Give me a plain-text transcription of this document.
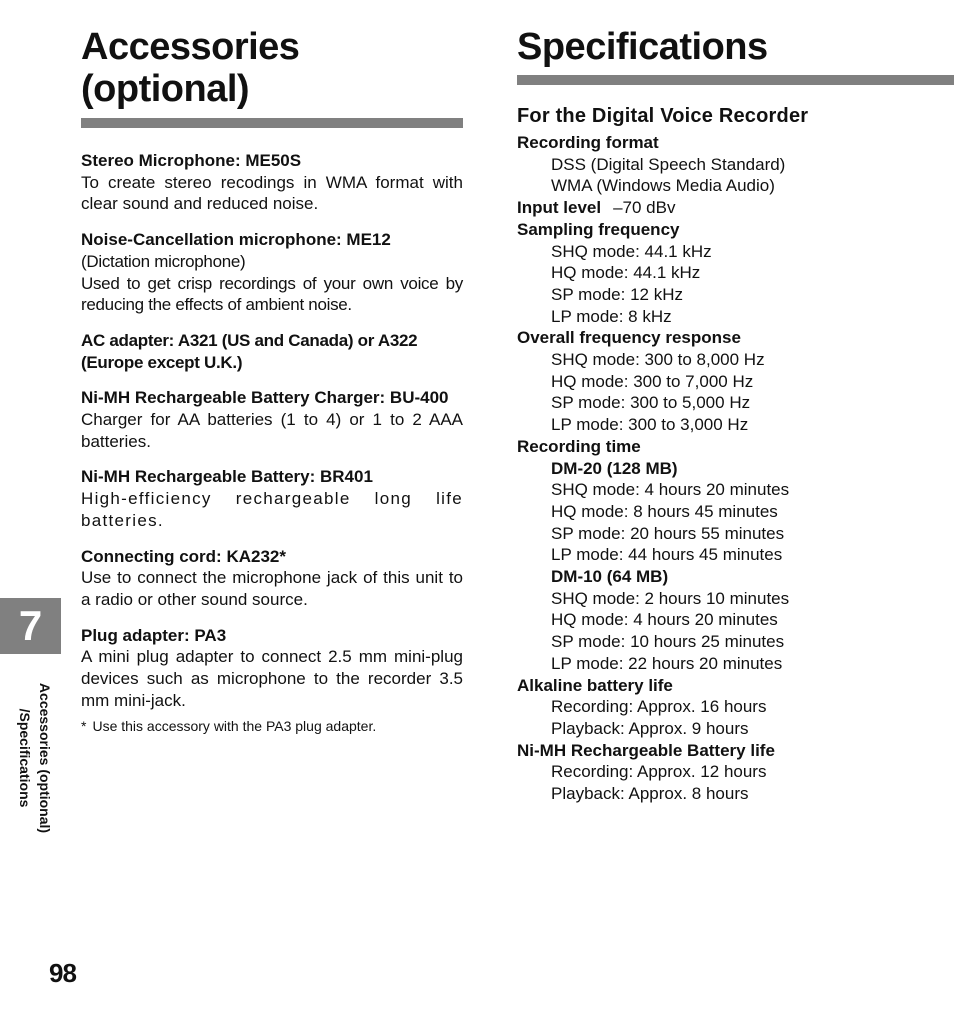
Accessories
(optional)
Stereo Microphone: ME50S
To create stereo recodings in WMA format with clear sound and reduced noise.
Noise-Cancellation microphone: ME12
(Dictation microphone)
Used to get crisp recordings of your own voice by reducing the effects of ambient noise.
AC adapter: A321 (US and Canada) or A322 (Europe except U.K.)
Ni-MH Rechargeable Battery Charger: BU-400
Charger for AA batteries (1 to 4) or 1 to 2 AAA batteries.
Ni-MH Rechargeable Battery: BR401
High-efficiency rechargeable long life batteries.
Connecting cord: KA232*
Use to connect the microphone jack of this unit to a radio or other sound source.
Plug adapter: PA3
A mini plug adapter to connect 2.5 mm mini-plug devices such as microphone to the recorder 3.5 mm mini-jack.
* Use this accessory with the PA3 plug adapter.
Specifications
For the Digital Voice Recorder
Recording format
DSS (Digital Speech Standard)
WMA (Windows Media Audio)
Input level –70 dBv
Sampling frequency
SHQ mode: 44.1 kHz
HQ mode: 44.1 kHz
SP mode: 12 kHz
LP mode: 8 kHz
Overall frequency response
SHQ mode: 300 to 8,000 Hz
HQ mode: 300 to 7,000 Hz
SP mode: 300 to 5,000 Hz
LP mode: 300 to 3,000 Hz
Recording time
DM-20 (128 MB)
SHQ mode: 4 hours 20 minutes
HQ mode: 8 hours 45 minutes
SP mode: 20 hours 55 minutes
LP mode: 44 hours 45 minutes
DM-10 (64 MB)
SHQ mode: 2 hours 10 minutes
HQ mode: 4 hours 20 minutes
SP mode: 10 hours 25 minutes
LP mode: 22 hours 20 minutes
Alkaline battery life
Recording: Approx. 16 hours
Playback: Approx. 9 hours
Ni-MH Rechargeable Battery life
Recording: Approx. 12 hours
Playback: Approx. 8 hours
7
Accessories (optional)
/Specifications
98
